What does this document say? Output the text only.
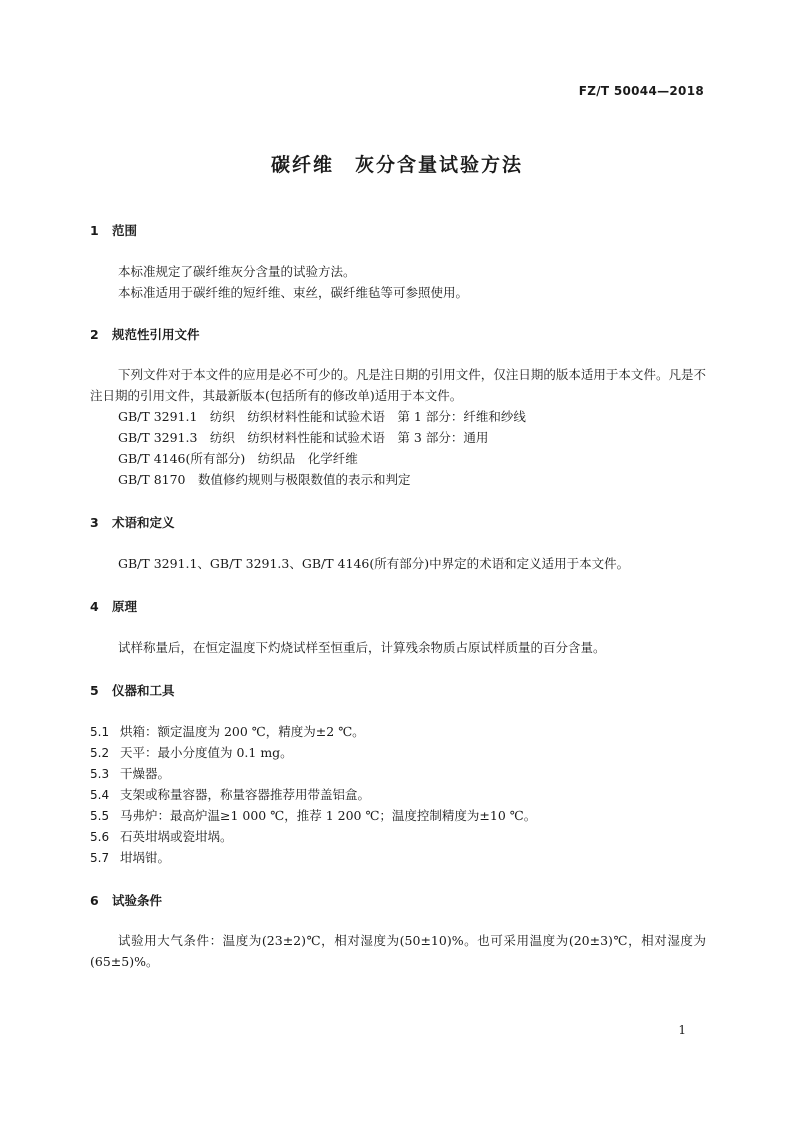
FZ/T 50044—2018
碳纤维　灰分含量试验方法
1 范围
本标准规定了碳纤维灰分含量的试验方法。
本标准适用于碳纤维的短纤维、束丝，碳纤维毡等可参照使用。
2 规范性引用文件
下列文件对于本文件的应用是必不可少的。凡是注日期的引用文件，仅注日期的版本适用于本文件。凡是不注日期的引用文件，其最新版本(包括所有的修改单)适用于本文件。
GB/T 3291.1　纺织　纺织材料性能和试验术语　第 1 部分：纤维和纱线
GB/T 3291.3　纺织　纺织材料性能和试验术语　第 3 部分：通用
GB/T 4146(所有部分)　纺织品　化学纤维
GB/T 8170　数值修约规则与极限数值的表示和判定
3 术语和定义
GB/T 3291.1、GB/T 3291.3、GB/T 4146(所有部分)中界定的术语和定义适用于本文件。
4 原理
试样称量后，在恒定温度下灼烧试样至恒重后，计算残余物质占原试样质量的百分含量。
5 仪器和工具
5.1 烘箱：额定温度为 200 ℃，精度为±2 ℃。
5.2 天平：最小分度值为 0.1 mg。
5.3 干燥器。
5.4 支架或称量容器，称量容器推荐用带盖铝盒。
5.5 马弗炉：最高炉温≥1 000 ℃，推荐 1 200 ℃；温度控制精度为±10 ℃。
5.6 石英坩埚或瓷坩埚。
5.7 坩埚钳。
6 试验条件
试验用大气条件：温度为(23±2)℃，相对湿度为(50±10)%。也可采用温度为(20±3)℃，相对湿度为(65±5)%。
1
